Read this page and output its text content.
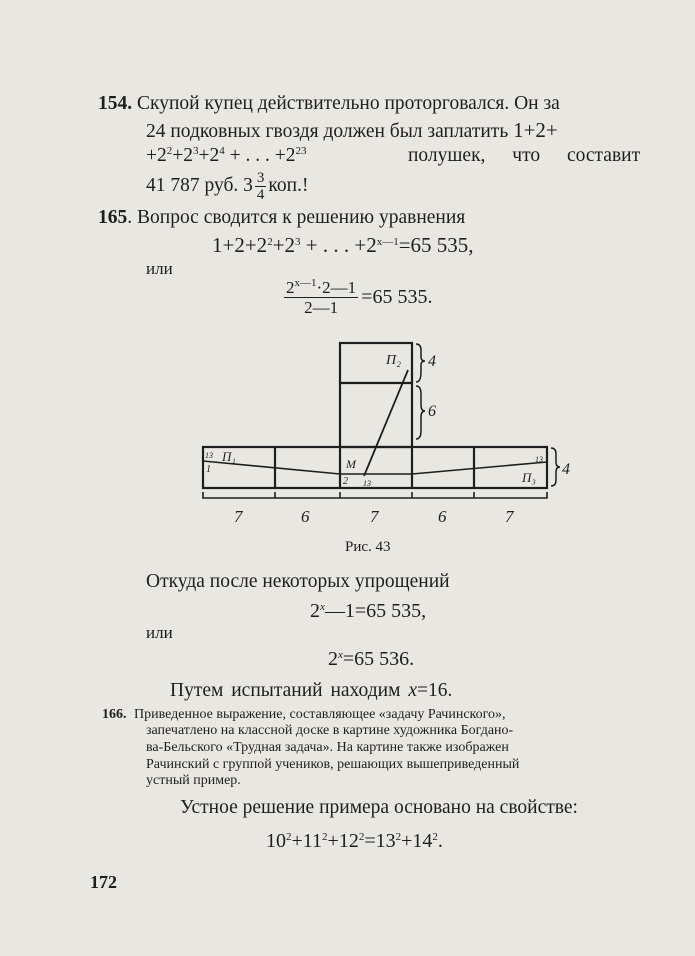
154. Скупой купец действительно проторговался. Он за
24 подковных гвоздя должен был заплатить 1+2+
$+2^2+2^3+2^4$ + . . . $+2^{23}$	полушек, что составит
41 787 руб. $3 \frac{3}{4}$ коп.!
165. Вопрос сводится к решению уравнения
$1+2+2^2+2^3$ + . . . $+2^{x—1}=65$ 535,
или
$\frac{2^{x—1}\cdot 2—1}{2—1} =65$ 535.
П₂
П₁
П₃
М
1
2
13
13
13
4
6
4
7	6	7	6	7
Рис. 43
Откуда после некоторых упрощений
$2^x—1=65$ 535,
или
$2^x=65$ 536.
Путем испытаний находим x=16.
166. Приведенное выражение, составляющее «задачу Рачинского»,
запечатлено на классной доске в картине художника Богдано-
ва-Бельского «Трудная задача». На картине также изображен
Рачинский с группой учеников, решающих вышеприведенный
устный пример.
Устное решение примера основано на свойстве:
$10^2+11^2+12^2=13^2+14^2$.
172
